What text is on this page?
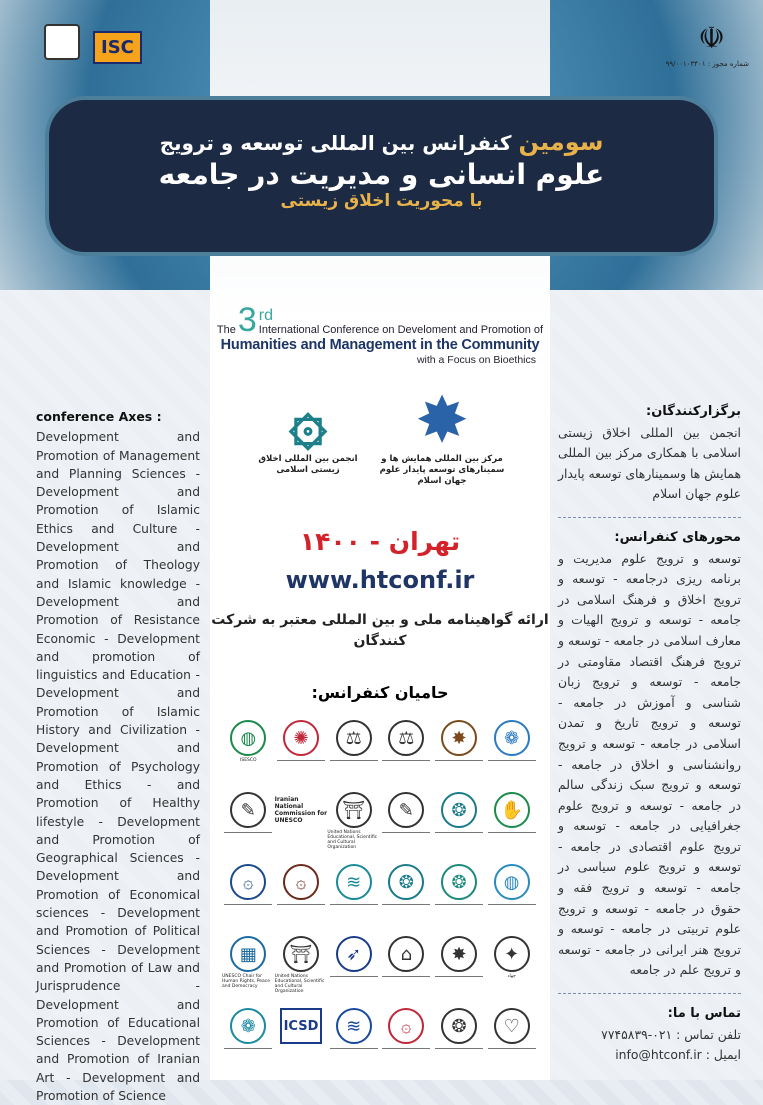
conference Axes :

Development and Promotion of Management and Planning Sciences - Development and Promotion of Islamic Ethics and Culture - Development and Promotion of Theology and Islamic knowledge - Development and Promotion of Resistance Economic - Development and promotion of linguistics and Education - Development and Promotion of Islamic History and Civilization - Development and Promotion of Psychology and Ethics - and Promotion of Healthy lifestyle - Development and Promotion of Geographical Sciences - Development and Promotion of Economical sciences - Development and Promotion of Political Sciences - Development and Promotion of Law and Jurisprudence - Development and Promotion of Educational Sciences - Development and Promotion of Iranian Art - Development and Promotion of Science

برگزارکنندگان:

انجمن بین المللی اخلاق زیستی اسلامی با همکاری مرکز بین المللی همایش ها وسمینارهای توسعه پایدار علوم جهان اسلام

محورهای کنفرانس:

توسعه و ترویج علوم مدیریت و برنامه ریزی درجامعه - توسعه و ترویج اخلاق و فرهنگ اسلامی در جامعه - توسعه و ترویج الهیات و معارف اسلامی در جامعه - توسعه و ترویج فرهنگ اقتصاد مقاومتی در جامعه - توسعه و ترویج زبان شناسی و آموزش در جامعه - توسعه و ترویج تاریخ و تمدن اسلامی در جامعه - توسعه و ترویج روانشناسی و اخلاق در جامعه - توسعه و ترویج سبک زندگی سالم در جامعه - توسعه و ترویج علوم جغرافیایی در جامعه - توسعه و ترویج علوم اقتصادی در جامعه - توسعه و ترویج علوم سیاسی در جامعه - توسعه و ترویج فقه و حقوق در جامعه - توسعه و ترویج علوم تربیتی در جامعه - توسعه و ترویج هنر ایرانی در جامعه - توسعه و ترویج علم در جامعه

تماس با ما:
تلفن تماس : ۰۲۱-۷۷۴۵۸۳۹
ایمیل : info@htconf.ir
The 3 rd
International Conference on Develoment and Promotion of
Humanities and Management in the Community
with a Focus on Bioethics
✸
مرکز بین المللی همایش ها و سمینارهای توسعه پایدار علوم جهان اسلام
۞
انجمن بین المللی اخلاق زیستی اسلامی
تهران - ۱۴۰۰
www.htconf.ir
ارائه گواهینامه ملی و بین المللی معتبر به شرکت کنندگان
حامیان کنفرانس:
◍
ISESCO
✺	⚖	⚖	✸	❁
✎	Iranian National Commission for UNESCO	⛩
United Nations Educational, Scientific and Cultural Organization
✎	❂	✋
۞	۞	≋	❂	❂	◍
▦
UNESCO Chair for Human Rights, Peace and Democracy
⛩
United Nations Educational, Scientific and Cultural Organization
➶	⌂	✸	✦
جهاد
❁	ICSD	≋	۞	❂	♡
سومین کنفرانس بین المللی توسعه و ترویج
علوم انسانی و مدیریت در جامعه
با محوریت اخلاق زیستی
ISC	☫
شماره مجوز : ۹۹/۰۰۱۰۳۴۰۱
